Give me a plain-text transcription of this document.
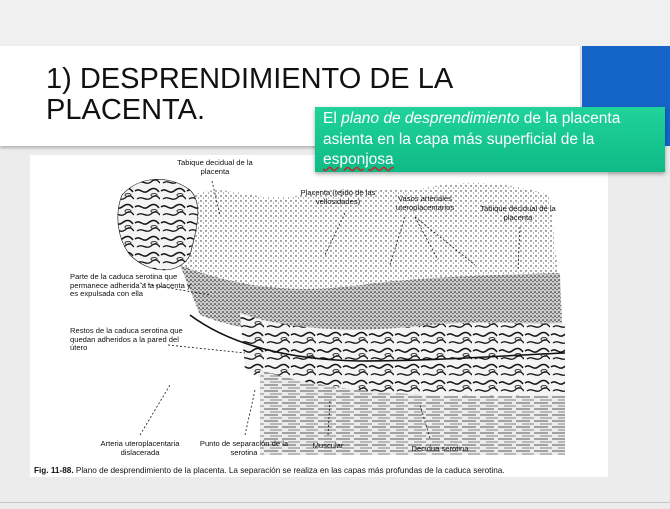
1) DESPRENDIMIENTO DE LA PLACENTA.	El plano de desprendimiento de la placenta asienta en la capa más superficial de la esponjosa
Tabique decidual de la placenta
Placenta (tejido de las vellosidades)	Vasos arteriales uteroplacentarios	Tabique decidual de la placenta
Parte de la caduca serotina que permanece adherida a la placenta y es expulsada con ella
Restos de la caduca serotina que quedan adheridos a la pared del útero
Arteria uteroplacentaria dislacerada
Punto de separación de la serotina
Muscular	Decidua serotina
Fig. 11-88. Plano de desprendimiento de la placenta. La separación se realiza en las capas más profundas de la caduca serotina.
